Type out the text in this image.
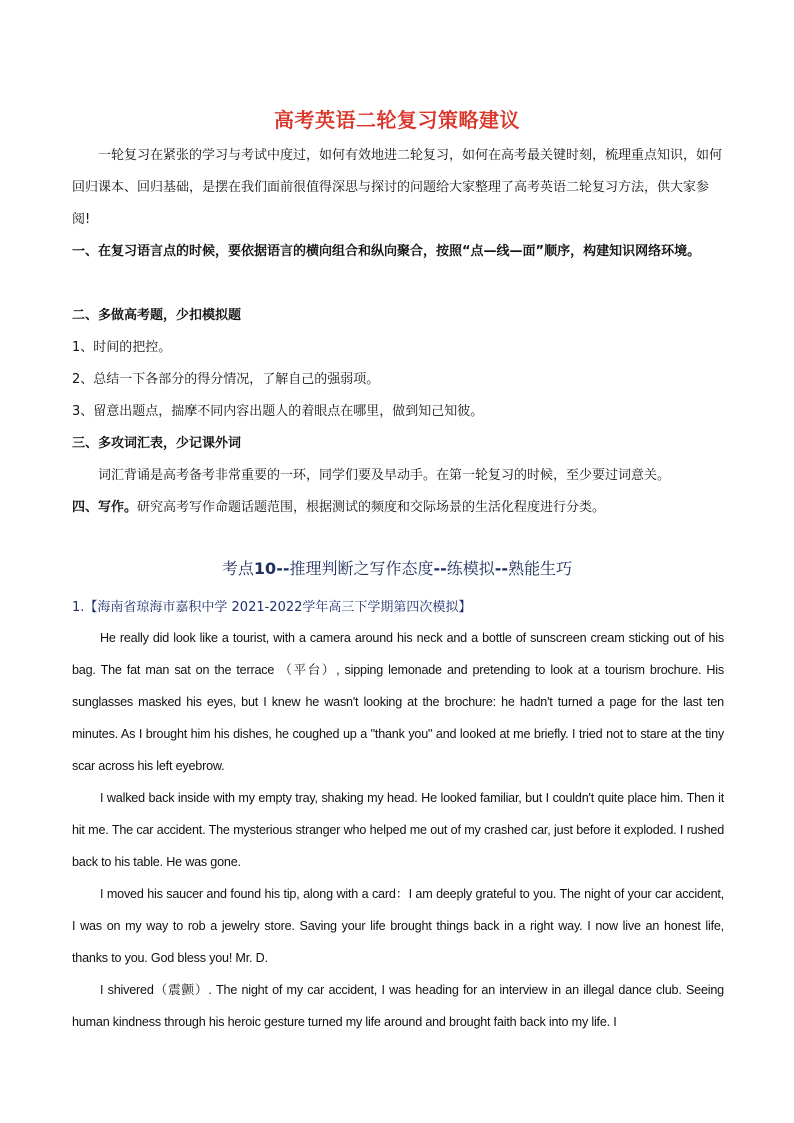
高考英语二轮复习策略建议
一轮复习在紧张的学习与考试中度过，如何有效地进二轮复习，如何在高考最关键时刻，梳理重点知识，如何回归课本、回归基础，是摆在我们面前很值得深思与探讨的问题给大家整理了高考英语二轮复习方法，供大家参阅!
一、在复习语言点的时候，要依据语言的横向组合和纵向聚合，按照“点—线—面”顺序，构建知识网络环境。
二、多做高考题，少扣模拟题
1、时间的把控。
2、总结一下各部分的得分情况，了解自己的强弱项。
3、留意出题点，揣摩不同内容出题人的着眼点在哪里，做到知己知彼。
三、多攻词汇表，少记课外词
词汇背诵是高考备考非常重要的一环，同学们要及早动手。在第一轮复习的时候，至少要过词意关。
四、写作。研究高考写作命题话题范围，根据测试的频度和交际场景的生活化程度进行分类。
考点10--推理判断之写作态度--练模拟--熟能生巧
1.【海南省琼海市嘉积中学 2021-2022学年高三下学期第四次模拟】
He really did look like a tourist, with a camera around his neck and a bottle of sunscreen cream sticking out of his bag. The fat man sat on the terrace （平台）, sipping lemonade and pretending to look at a tourism brochure. His sunglasses masked his eyes, but I knew he wasn't looking at the brochure: he hadn't turned a page for the last ten minutes. As I brought him his dishes, he coughed up a "thank you" and looked at me briefly. I tried not to stare at the tiny scar across his left eyebrow.
I walked back inside with my empty tray, shaking my head. He looked familiar, but I couldn't quite place him. Then it hit me. The car accident. The mysterious stranger who helped me out of my crashed car, just before it exploded. I rushed back to his table. He was gone.
I moved his saucer and found his tip, along with a card：I am deeply grateful to you. The night of your car accident, I was on my way to rob a jewelry store. Saving your life brought things back in a right way. I now live an honest life, thanks to you. God bless you! Mr. D.
I shivered（震颤）. The night of my car accident, I was heading for an interview in an illegal dance club. Seeing human kindness through his heroic gesture turned my life around and brought faith back into my life. I
